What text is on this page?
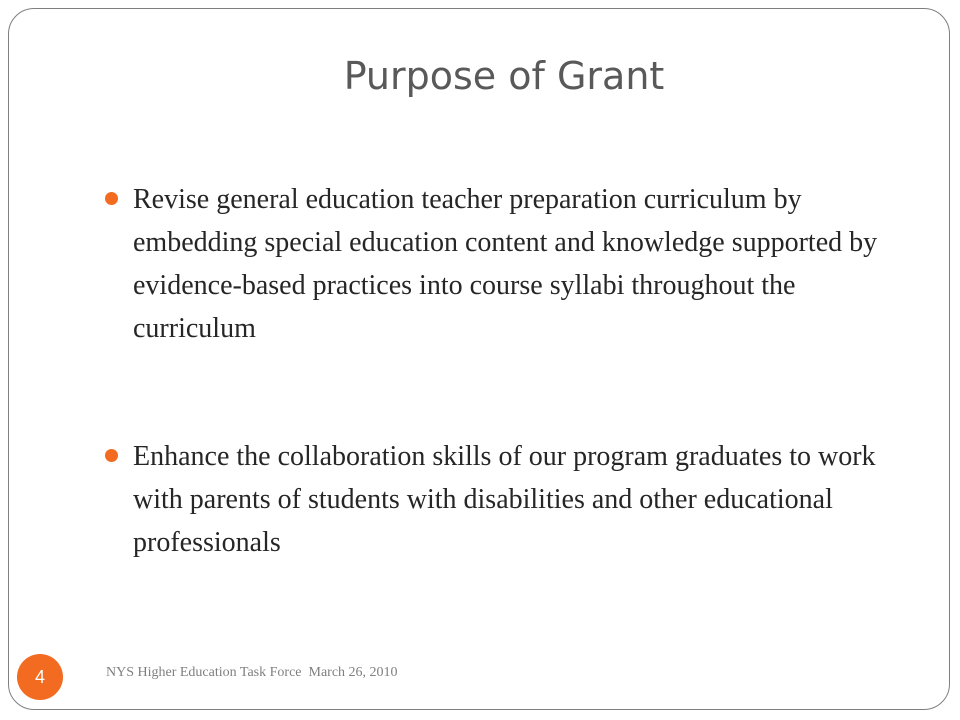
Purpose of Grant
Revise general education teacher preparation curriculum by embedding special education content and knowledge supported by evidence-based practices into course syllabi throughout the curriculum
Enhance the collaboration skills of our program graduates to work with parents of students with disabilities and other educational professionals
4	NYS Higher Education Task Force  March 26, 2010
